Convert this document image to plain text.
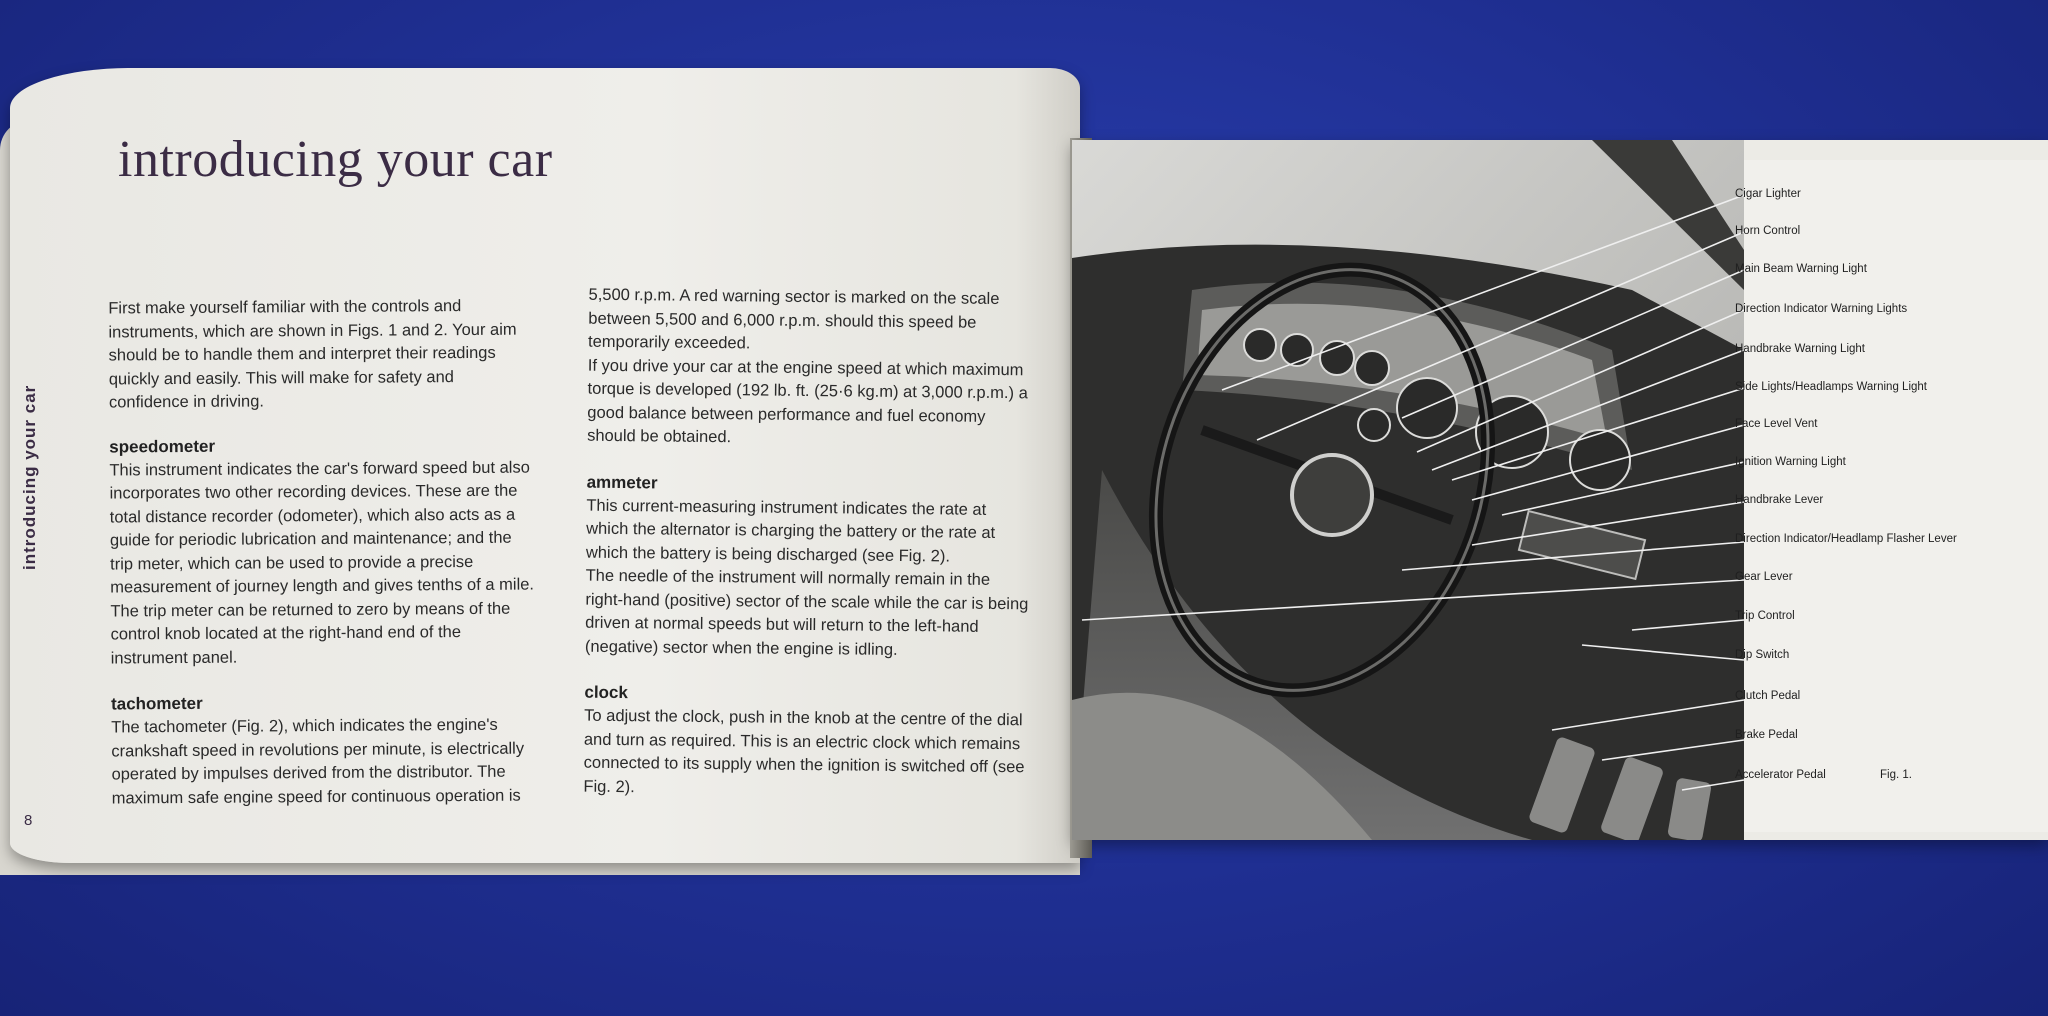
introducing your car
introducing your car
8

First make yourself familiar with the controls and instruments, which are shown in Figs. 1 and 2. Your aim should be to handle them and interpret their readings quickly and easily. This will make for safety and confidence in driving.

speedometer

This instrument indicates the car's forward speed but also incorporates two other recording devices. These are the total distance recorder (odometer), which also acts as a guide for periodic lubrication and maintenance; and the trip meter, which can be used to provide a precise measurement of journey length and gives tenths of a mile. The trip meter can be returned to zero by means of the control knob located at the right-hand end of the instrument panel.

tachometer

The tachometer (Fig. 2), which indicates the engine's crankshaft speed in revolutions per minute, is electrically operated by impulses derived from the distributor. The maximum safe engine speed for continuous operation is

5,500 r.p.m. A red warning sector is marked on the scale between 5,500 and 6,000 r.p.m. should this speed be temporarily exceeded.

If you drive your car at the engine speed at which maximum torque is developed (192 lb. ft. (25·6 kg.m) at 3,000 r.p.m.) a good balance between performance and fuel economy should be obtained.

ammeter

This current-measuring instrument indicates the rate at which the alternator is charging the battery or the rate at which the battery is being discharged (see Fig. 2).

The needle of the instrument will normally remain in the right-hand (positive) sector of the scale while the car is being driven at normal speeds but will return to the left-hand (negative) sector when the engine is idling.

clock

To adjust the clock, push in the knob at the centre of the dial and turn as required. This is an electric clock which remains connected to its supply when the ignition is switched off (see Fig. 2).

Cigar Lighter
Horn Control
Main Beam Warning Light
Direction Indicator Warning Lights
Handbrake Warning Light
Side Lights/Headlamps Warning Light
Face Level Vent
Ignition Warning Light
Handbrake Lever
Direction Indicator/Headlamp Flasher Lever
Gear Lever
Trip Control
Dip Switch
Clutch Pedal
Brake Pedal
Accelerator Pedal	Fig. 1.
